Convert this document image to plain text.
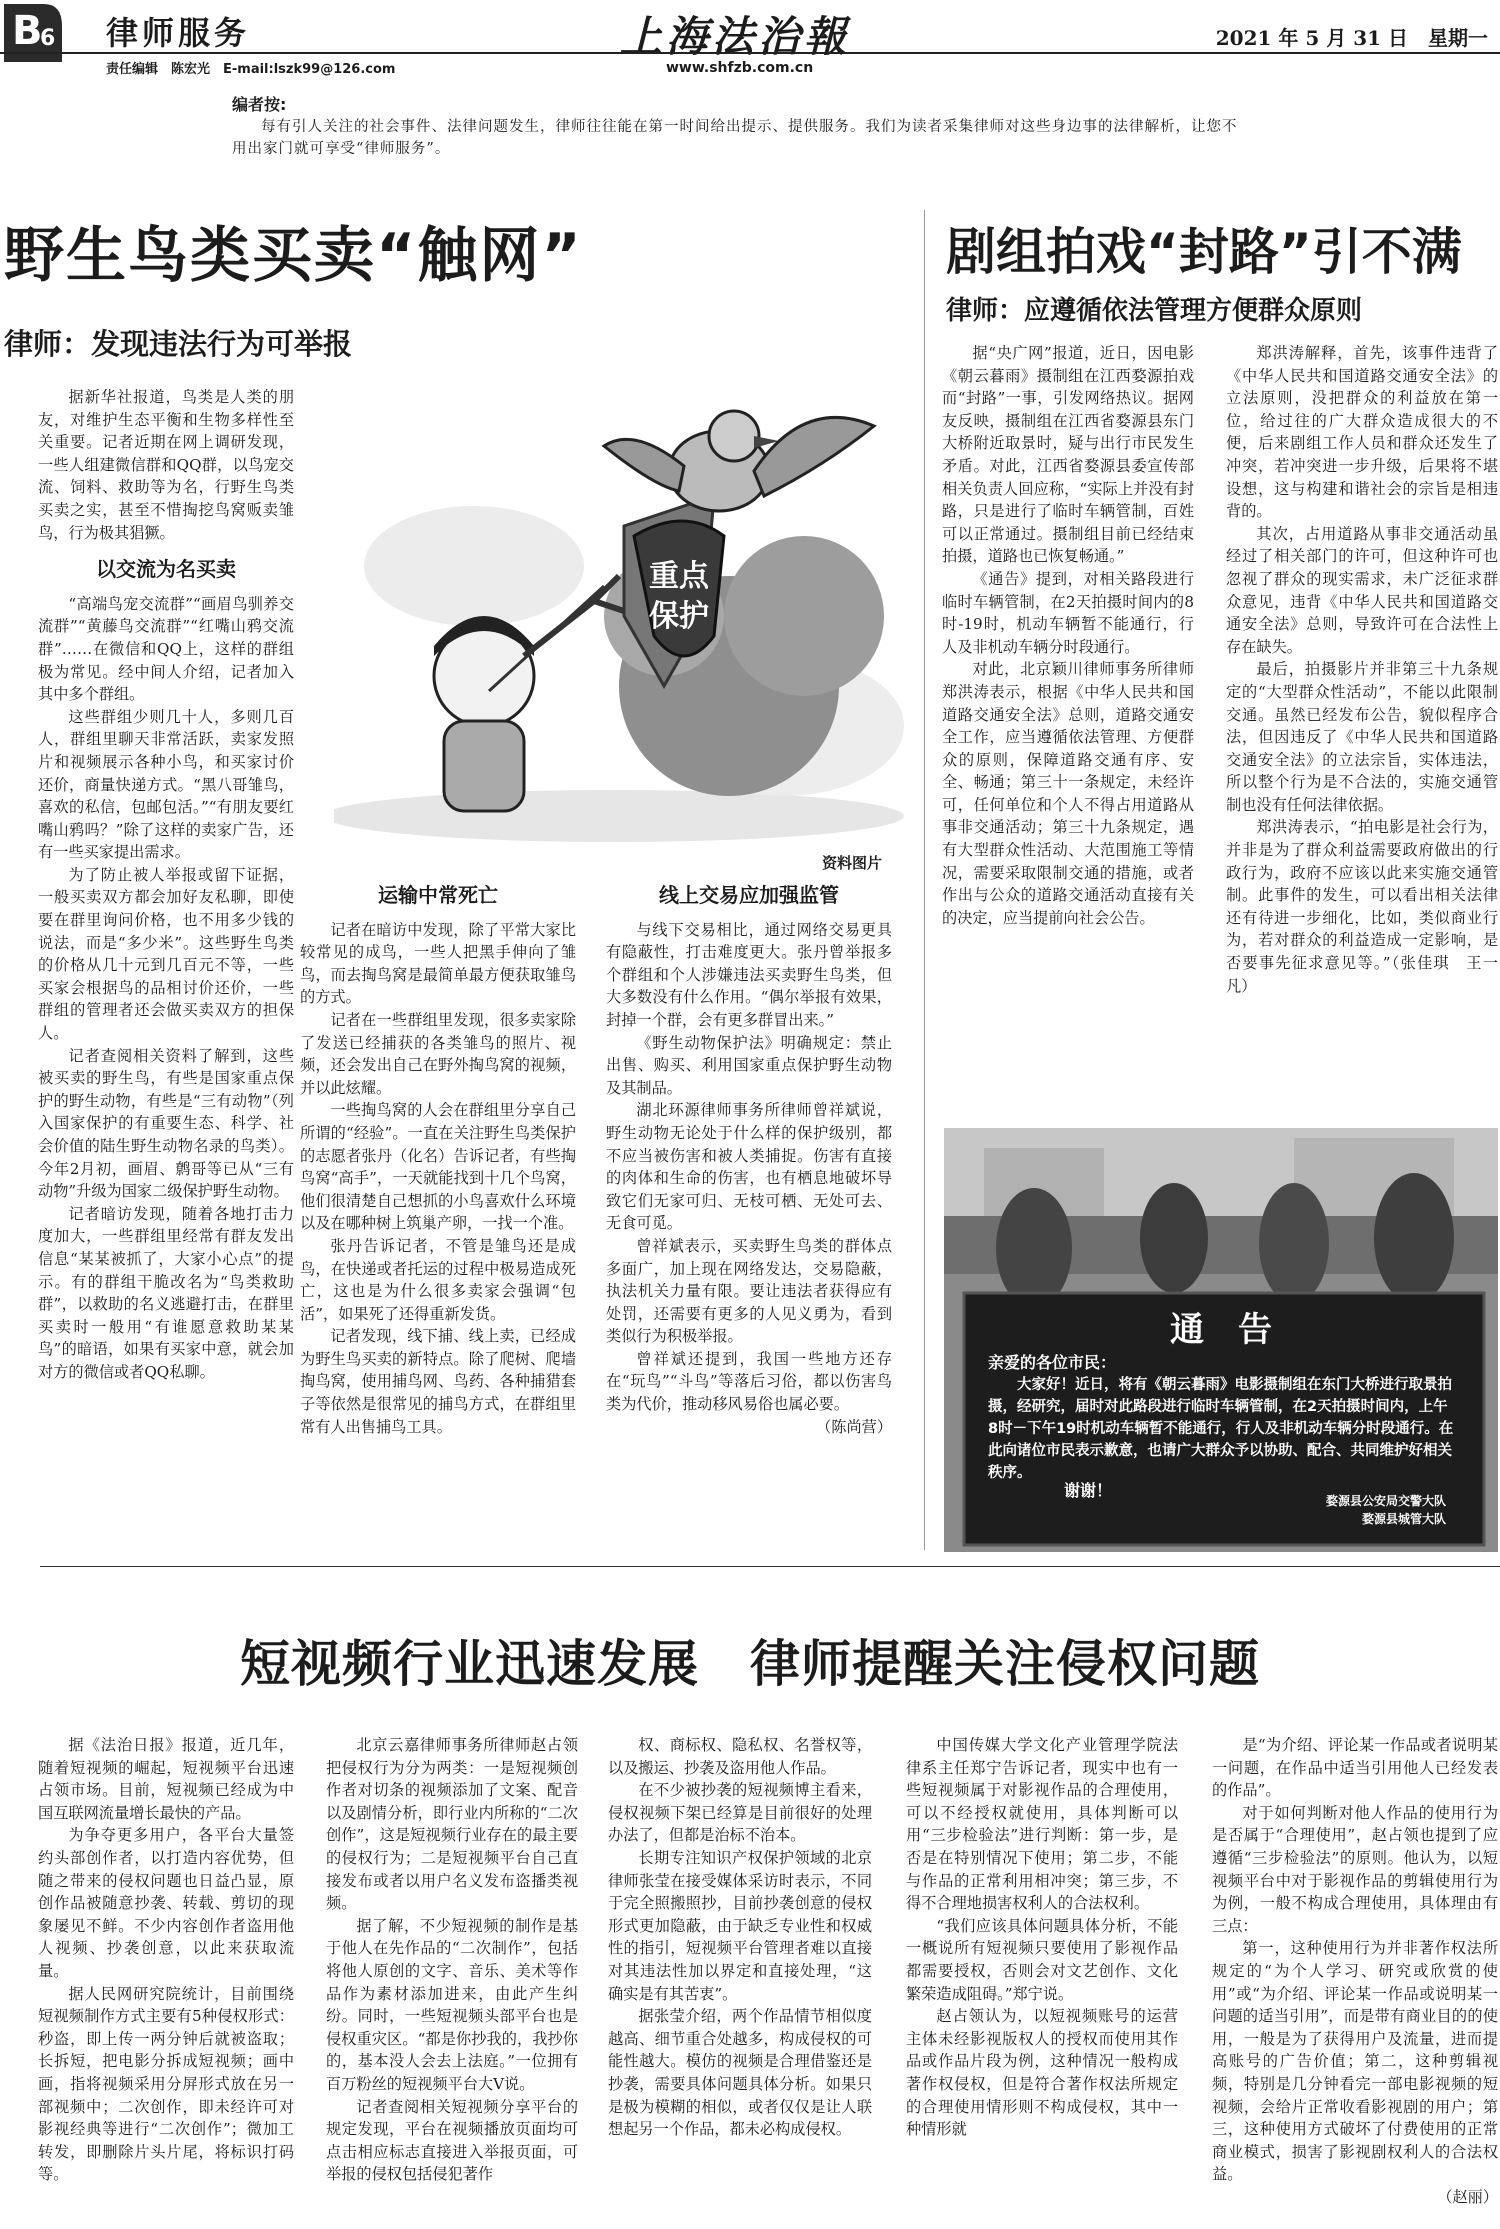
B
6 律师服务
责任编辑　陈宏光　E-mail:lszk99@126.com
上海法治報
www.shfzb.com.cn
2021 年 5 月 31 日　星期一
编者按:
每有引人关注的社会事件、法律问题发生，律师往往能在第一时间给出提示、提供服务。我们为读者采集律师对这些身边事的法律解析，让您不用出家门就可享受“律师服务”。
野生鸟类买卖“触网”
律师：发现违法行为可举报

据新华社报道，鸟类是人类的朋友，对维护生态平衡和生物多样性至关重要。记者近期在网上调研发现，一些人组建微信群和QQ群，以鸟宠交流、饲料、救助等为名，行野生鸟类买卖之实，甚至不惜掏挖鸟窝贩卖雏鸟，行为极其猖獗。

以交流为名买卖

“高端鸟宠交流群”“画眉鸟驯养交流群”“黄藤鸟交流群”“红嘴山鸦交流群”……在微信和QQ上，这样的群组极为常见。经中间人介绍，记者加入其中多个群组。

这些群组少则几十人，多则几百人，群组里聊天非常活跃，卖家发照片和视频展示各种小鸟，和买家讨价还价，商量快递方式。“黑八哥雏鸟，喜欢的私信，包邮包活。”“有朋友要红嘴山鸦吗？”除了这样的卖家广告，还有一些买家提出需求。

为了防止被人举报或留下证据，一般买卖双方都会加好友私聊，即使要在群里询问价格，也不用多少钱的说法，而是“多少米”。这些野生鸟类的价格从几十元到几百元不等，一些买家会根据鸟的品相讨价还价，一些群组的管理者还会做买卖双方的担保人。

记者查阅相关资料了解到，这些被买卖的野生鸟，有些是国家重点保护的野生动物，有些是“三有动物”（列入国家保护的有重要生态、科学、社会价值的陆生野生动物名录的鸟类）。今年2月初，画眉、鹩哥等已从“三有动物”升级为国家二级保护野生动物。

记者暗访发现，随着各地打击力度加大，一些群组里经常有群友发出信息“某某被抓了，大家小心点”的提示。有的群组干脆改名为“鸟类救助群”，以救助的名义逃避打击，在群里买卖时一般用“有谁愿意救助某某鸟”的暗语，如果有买家中意，就会加对方的微信或者QQ私聊。

重点
保护
资料图片
运输中常死亡

记者在暗访中发现，除了平常大家比较常见的成鸟，一些人把黑手伸向了雏鸟，而去掏鸟窝是最简单最方便获取雏鸟的方式。

记者在一些群组里发现，很多卖家除了发送已经捕获的各类雏鸟的照片、视频，还会发出自己在野外掏鸟窝的视频，并以此炫耀。

一些掏鸟窝的人会在群组里分享自己所谓的“经验”。一直在关注野生鸟类保护的志愿者张丹（化名）告诉记者，有些掏鸟窝“高手”，一天就能找到十几个鸟窝，他们很清楚自己想抓的小鸟喜欢什么环境以及在哪种树上筑巢产卵，一找一个准。

张丹告诉记者，不管是雏鸟还是成鸟，在快递或者托运的过程中极易造成死亡，这也是为什么很多卖家会强调“包活”，如果死了还得重新发货。

记者发现，线下捕、线上卖，已经成为野生鸟买卖的新特点。除了爬树、爬墙掏鸟窝，使用捕鸟网、鸟药、各种捕猎套子等依然是很常见的捕鸟方式，在群组里常有人出售捕鸟工具。

线上交易应加强监管

与线下交易相比，通过网络交易更具有隐蔽性，打击难度更大。张丹曾举报多个群组和个人涉嫌违法买卖野生鸟类，但大多数没有什么作用。“偶尔举报有效果，封掉一个群，会有更多群冒出来。”

《野生动物保护法》明确规定：禁止出售、购买、利用国家重点保护野生动物及其制品。

湖北环源律师事务所律师曾祥斌说，野生动物无论处于什么样的保护级别，都不应当被伤害和被人类捕捉。伤害有直接的肉体和生命的伤害，也有栖息地破坏导致它们无家可归、无枝可栖、无处可去、无食可觅。

曾祥斌表示，买卖野生鸟类的群体点多面广，加上现在网络发达，交易隐蔽，执法机关力量有限。要让违法者获得应有处罚，还需要有更多的人见义勇为，看到类似行为积极举报。

曾祥斌还提到，我国一些地方还存在“玩鸟”“斗鸟”等落后习俗，都以伤害鸟类为代价，推动移风易俗也属必要。

（陈尚营）

剧组拍戏“封路”引不满
律师：应遵循依法管理方便群众原则

据“央广网”报道，近日，因电影《朝云暮雨》摄制组在江西婺源拍戏而“封路”一事，引发网络热议。据网友反映，摄制组在江西省婺源县东门大桥附近取景时，疑与出行市民发生矛盾。对此，江西省婺源县委宣传部相关负责人回应称，“实际上并没有封路，只是进行了临时车辆管制，百姓可以正常通过。摄制组目前已经结束拍摄，道路也已恢复畅通。”

《通告》提到，对相关路段进行临时车辆管制，在2天拍摄时间内的8时-19时，机动车辆暂不能通行，行人及非机动车辆分时段通行。

对此，北京颖川律师事务所律师郑洪涛表示，根据《中华人民共和国道路交通安全法》总则，道路交通安全工作，应当遵循依法管理、方便群众的原则，保障道路交通有序、安全、畅通；第三十一条规定，未经许可，任何单位和个人不得占用道路从事非交通活动；第三十九条规定，遇有大型群众性活动、大范围施工等情况，需要采取限制交通的措施，或者作出与公众的道路交通活动直接有关的决定，应当提前向社会公告。

郑洪涛解释，首先，该事件违背了《中华人民共和国道路交通安全法》的立法原则，没把群众的利益放在第一位，给过往的广大群众造成很大的不便，后来剧组工作人员和群众还发生了冲突，若冲突进一步升级，后果将不堪设想，这与构建和谐社会的宗旨是相违背的。

其次，占用道路从事非交通活动虽经过了相关部门的许可，但这种许可也忽视了群众的现实需求，未广泛征求群众意见，违背《中华人民共和国道路交通安全法》总则，导致许可在合法性上存在缺失。

最后，拍摄影片并非第三十九条规定的“大型群众性活动”，不能以此限制交通。虽然已经发布公告，貌似程序合法，但因违反了《中华人民共和国道路交通安全法》的立法宗旨，实体违法，所以整个行为是不合法的，实施交通管制也没有任何法律依据。

郑洪涛表示，“拍电影是社会行为，并非是为了群众利益需要政府做出的行政行为，政府不应该以此来实施交通管制。此事件的发生，可以看出相关法律还有待进一步细化，比如，类似商业行为，若对群众的利益造成一定影响，是否要事先征求意见等。”（张佳琪　王一凡）

通　告
亲爱的各位市民：
大家好！近日，将有《朝云暮雨》电影摄制组在东门大桥进行取景拍摄，经研究，届时对此路段进行临时车辆管制，在2天拍摄时间内，上午8时－下午19时机动车辆暂不能通行，行人及非机动车辆分时段通行。在此向诸位市民表示歉意，也请广大群众予以协助、配合、共同维护好相关秩序。
谢谢！
婺源县公安局交警大队
婺源县城管大队
短视频行业迅速发展　律师提醒关注侵权问题

据《法治日报》报道，近几年，随着短视频的崛起，短视频平台迅速占领市场。目前，短视频已经成为中国互联网流量增长最快的产品。

为争夺更多用户，各平台大量签约头部创作者，以打造内容优势，但随之带来的侵权问题也日益凸显，原创作品被随意抄袭、转载、剪切的现象屡见不鲜。不少内容创作者盗用他人视频、抄袭创意，以此来获取流量。

据人民网研究院统计，目前围绕短视频制作方式主要有5种侵权形式：秒盗，即上传一两分钟后就被盗取；长拆短，把电影分拆成短视频；画中画，指将视频采用分屏形式放在另一部视频中；二次创作，即未经许可对影视经典等进行“二次创作”；微加工转发，即删除片头片尾，将标识打码等。

北京云嘉律师事务所律师赵占领把侵权行为分为两类：一是短视频创作者对切条的视频添加了文案、配音以及剧情分析，即行业内所称的“二次创作”，这是短视频行业存在的最主要的侵权行为；二是短视频平台自己直接发布或者以用户名义发布盗播类视频。

据了解，不少短视频的制作是基于他人在先作品的“二次制作”，包括将他人原创的文字、音乐、美术等作品作为素材添加进来，由此产生纠纷。同时，一些短视频头部平台也是侵权重灾区。“都是你抄我的，我抄你的，基本没人会去上法庭。”一位拥有百万粉丝的短视频平台大V说。

记者查阅相关短视频分享平台的规定发现，平台在视频播放页面均可点击相应标志直接进入举报页面，可举报的侵权包括侵犯著作

权、商标权、隐私权、名誉权等，以及搬运、抄袭及盗用他人作品。

在不少被抄袭的短视频博主看来，侵权视频下架已经算是目前很好的处理办法了，但都是治标不治本。

长期专注知识产权保护领域的北京律师张莹在接受媒体采访时表示，不同于完全照搬照抄，目前抄袭创意的侵权形式更加隐蔽，由于缺乏专业性和权威性的指引，短视频平台管理者难以直接对其违法性加以界定和直接处理，“这确实是有其苦衷”。

据张莹介绍，两个作品情节相似度越高、细节重合处越多，构成侵权的可能性越大。模仿的视频是合理借鉴还是抄袭，需要具体问题具体分析。如果只是极为模糊的相似，或者仅仅是让人联想起另一个作品，都未必构成侵权。

中国传媒大学文化产业管理学院法律系主任郑宁告诉记者，现实中也有一些短视频属于对影视作品的合理使用，可以不经授权就使用，具体判断可以用“三步检验法”进行判断：第一步，是否是在特别情况下使用；第二步，不能与作品的正常利用相冲突；第三步，不得不合理地损害权利人的合法权利。

“我们应该具体问题具体分析，不能一概说所有短视频只要使用了影视作品都需要授权，否则会对文艺创作、文化繁荣造成阻碍。”郑宁说。

赵占领认为，以短视频账号的运营主体未经影视版权人的授权而使用其作品或作品片段为例，这种情况一般构成著作权侵权，但是符合著作权法所规定的合理使用情形则不构成侵权，其中一种情形就

是“为介绍、评论某一作品或者说明某一问题，在作品中适当引用他人已经发表的作品”。

对于如何判断对他人作品的使用行为是否属于“合理使用”，赵占领也提到了应遵循“三步检验法”的原则。他认为，以短视频平台中对于影视作品的剪辑使用行为为例，一般不构成合理使用，具体理由有三点：

第一，这种使用行为并非著作权法所规定的“为个人学习、研究或欣赏的使用”或“为介绍、评论某一作品或说明某一问题的适当引用”，而是带有商业目的的使用，一般是为了获得用户及流量，进而提高账号的广告价值；第二，这种剪辑视频，特别是几分钟看完一部电影视频的短视频，会给片正常收看影视剧的用户；第三，这种使用方式破坏了付费使用的正常商业模式，损害了影视剧权利人的合法权益。

（赵丽）
